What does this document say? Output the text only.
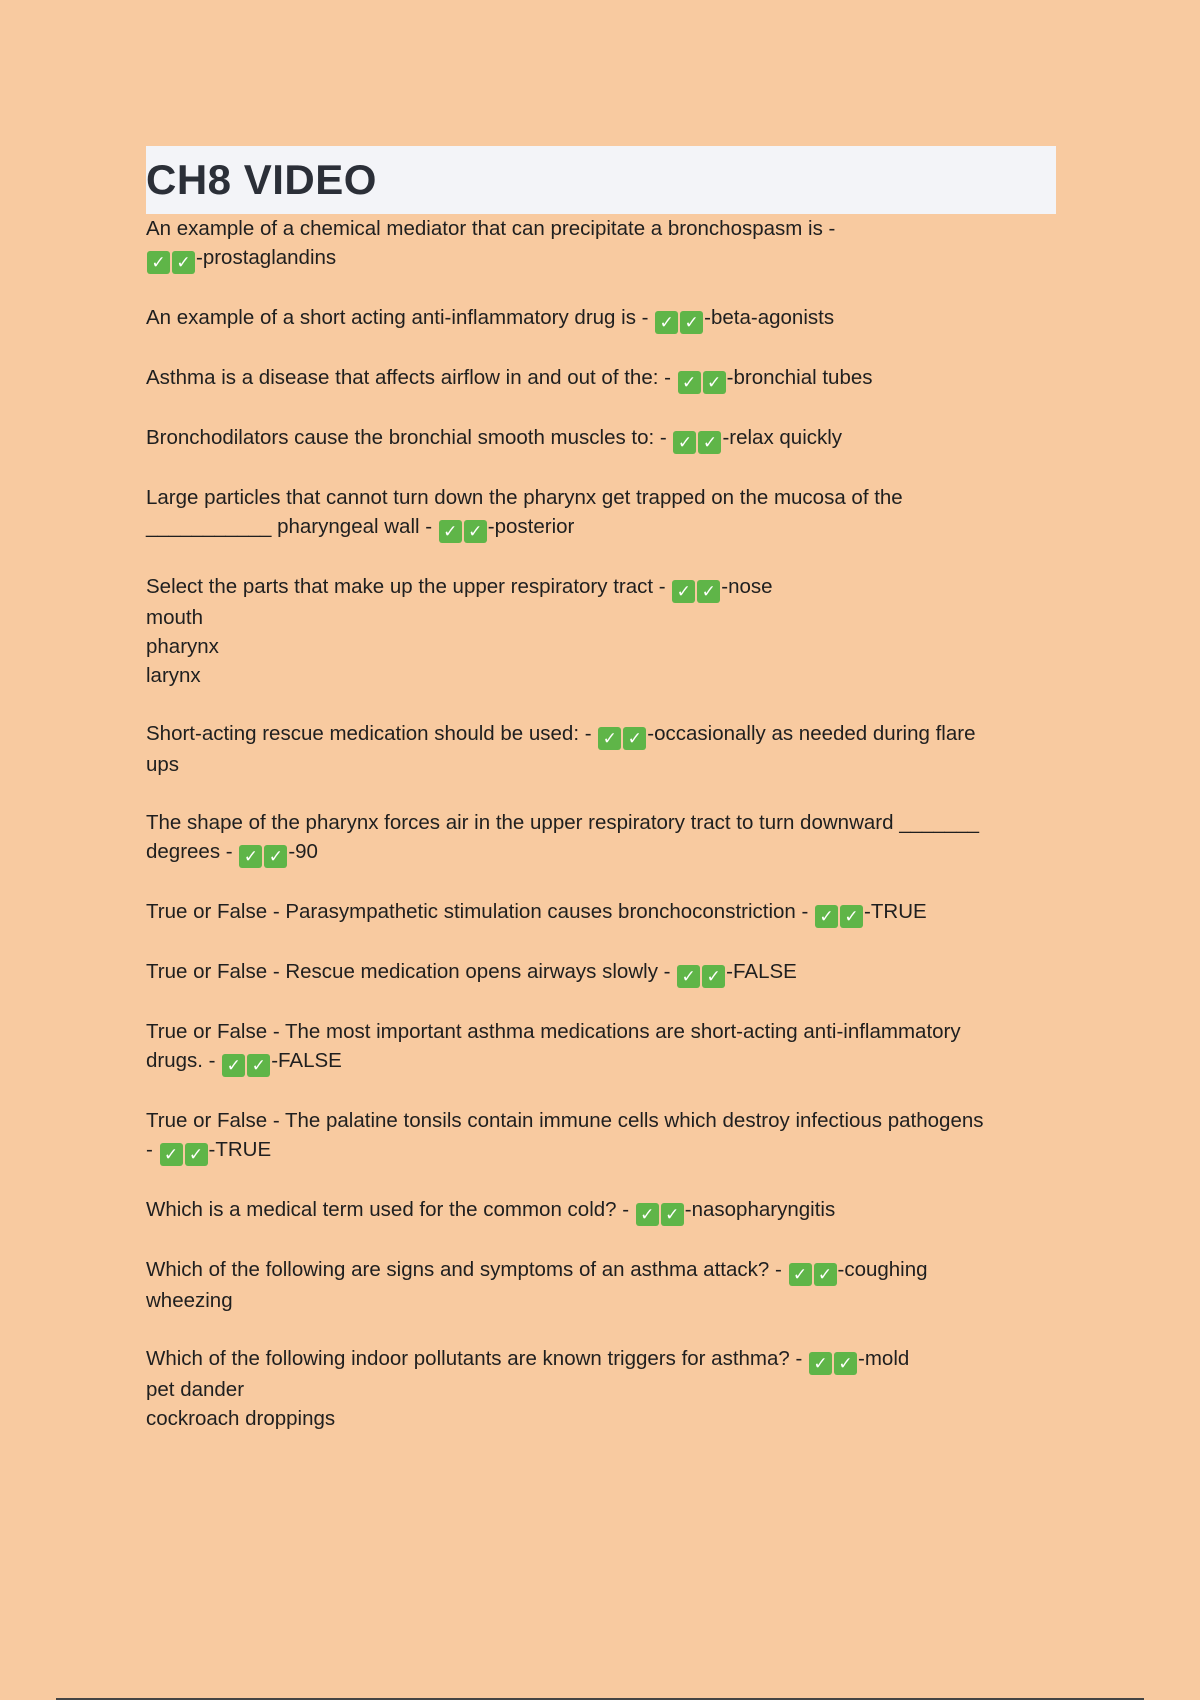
CH8 VIDEO
An example of a chemical mediator that can precipitate a bronchospasm is -
✓ ✓ -prostaglandins
An example of a short acting anti-inflammatory drug is - ✓ ✓ -beta-agonists
Asthma is a disease that affects airflow in and out of the: - ✓ ✓ -bronchial tubes
Bronchodilators cause the bronchial smooth muscles to: - ✓ ✓ -relax quickly
Large particles that cannot turn down the pharynx get trapped on the mucosa of the
___________ pharyngeal wall - ✓ ✓ -posterior
Select the parts that make up the upper respiratory tract - ✓ ✓ -nose
mouth
pharynx
larynx
Short-acting rescue medication should be used: - ✓ ✓ -occasionally as needed during flare
ups
The shape of the pharynx forces air in the upper respiratory tract to turn downward _______
degrees - ✓ ✓ -90
True or False - Parasympathetic stimulation causes bronchoconstriction - ✓ ✓ -TRUE
True or False - Rescue medication opens airways slowly - ✓ ✓ -FALSE
True or False - The most important asthma medications are short-acting anti-inflammatory
drugs. - ✓ ✓ -FALSE
True or False - The palatine tonsils contain immune cells which destroy infectious pathogens
- ✓ ✓ -TRUE
Which is a medical term used for the common cold? - ✓ ✓ -nasopharyngitis
Which of the following are signs and symptoms of an asthma attack? - ✓ ✓ -coughing
wheezing
Which of the following indoor pollutants are known triggers for asthma? - ✓ ✓ -mold
pet dander
cockroach droppings
